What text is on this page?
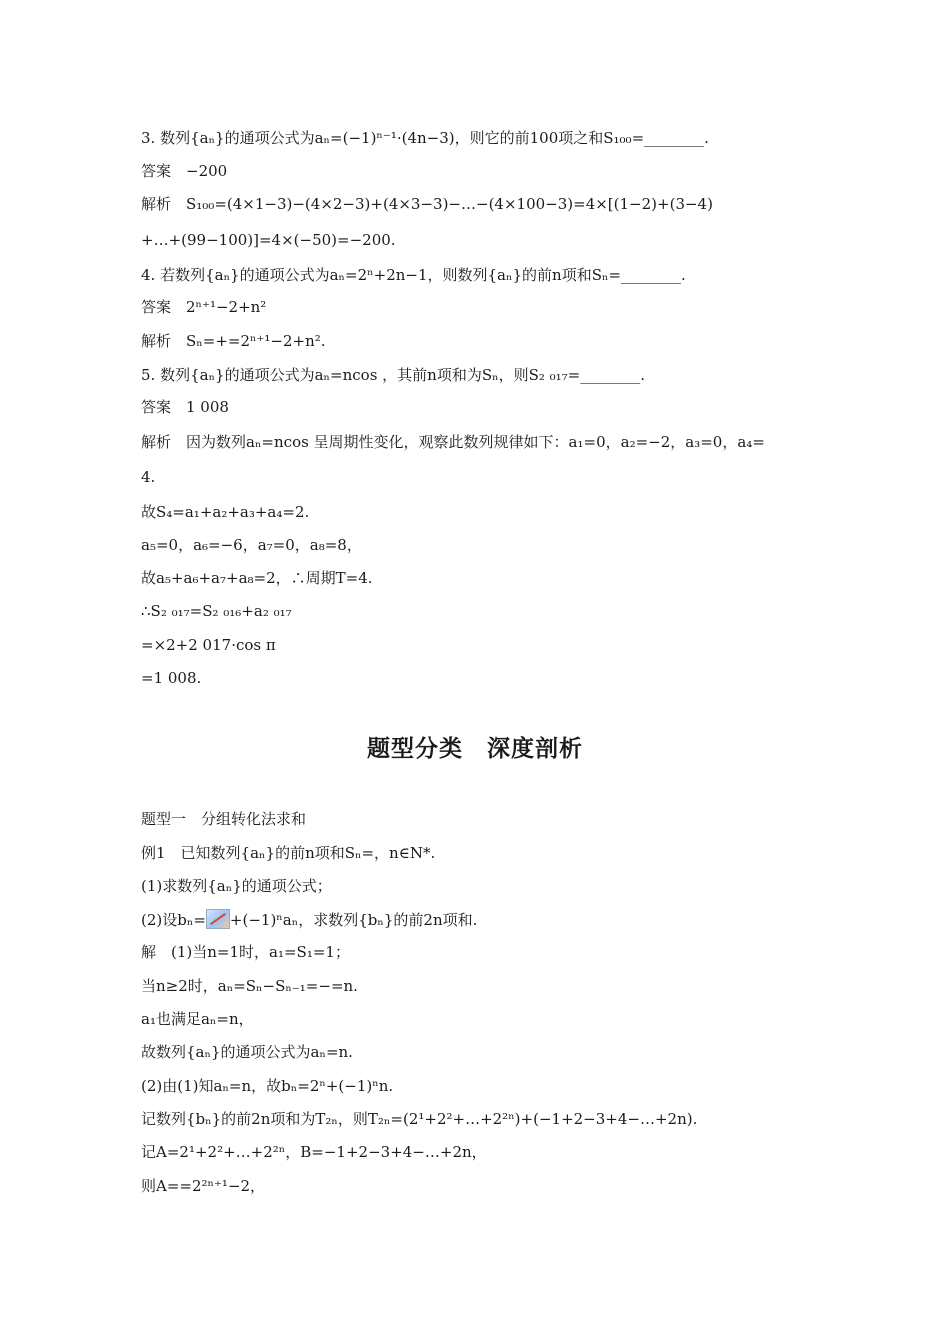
3. 数列{aₙ}的通项公式为aₙ=(−1)ⁿ⁻¹·(4n−3)，则它的前100项之和S₁₀₀=________.
答案　−200
解析　S₁₀₀=(4×1−3)−(4×2−3)+(4×3−3)−…−(4×100−3)=4×[(1−2)+(3−4)
+…+(99−100)]=4×(−50)=−200.
4. 若数列{aₙ}的通项公式为aₙ=2ⁿ+2n−1，则数列{aₙ}的前n项和Sₙ=________.
答案　2ⁿ⁺¹−2+n²
解析　Sₙ=+=2ⁿ⁺¹−2+n².
5. 数列{aₙ}的通项公式为aₙ=ncos ，其前n项和为Sₙ，则S₂ ₀₁₇=________.
答案　1 008
解析　因为数列aₙ=ncos 呈周期性变化，观察此数列规律如下：a₁=0，a₂=−2，a₃=0，a₄=
4.
故S₄=a₁+a₂+a₃+a₄=2.
a₅=0，a₆=−6，a₇=0，a₈=8，
故a₅+a₆+a₇+a₈=2，∴周期T=4.
∴S₂ ₀₁₇=S₂ ₀₁₆+a₂ ₀₁₇
=×2+2 017·cos π
=1 008.
题型分类　深度剖析
题型一　分组转化法求和
例1　已知数列{aₙ}的前n项和Sₙ=，n∈N*.
(1)求数列{aₙ}的通项公式；
(2)设bₙ= +(−1)ⁿaₙ，求数列{bₙ}的前2n项和.
解　(1)当n=1时，a₁=S₁=1；
当n≥2时，aₙ=Sₙ−Sₙ₋₁=−=n.
a₁也满足aₙ=n，
故数列{aₙ}的通项公式为aₙ=n.
(2)由(1)知aₙ=n，故bₙ=2ⁿ+(−1)ⁿn.
记数列{bₙ}的前2n项和为T₂ₙ，则T₂ₙ=(2¹+2²+…+2²ⁿ)+(−1+2−3+4−…+2n).
记A=2¹+2²+…+2²ⁿ，B=−1+2−3+4−…+2n，
则A==2²ⁿ⁺¹−2，
